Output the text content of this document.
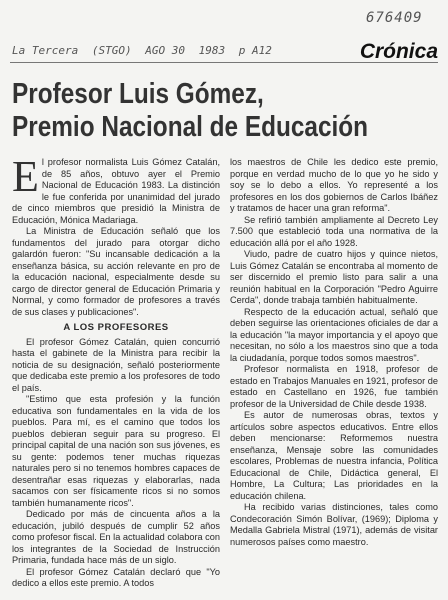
676409
La Tercera (STGO) AGO 30 1983 p A12	Crónica
Profesor Luis Gómez,
Premio Nacional de Educación

El profesor normalista Luis Gómez Catalán, de 85 años, obtuvo ayer el Premio Nacional de Educación 1983. La distinción le fue conferida por unanimidad del jurado de cinco miembros que presidió la Ministra de Educación, Mónica Madariaga.

La Ministra de Educación señaló que los fundamentos del jurado para otorgar dicho galardón fueron: "Su incansable dedicación a la enseñanza básica, su acción relevante en pro de la educación nacional, especialmente desde su cargo de director general de Educación Primaria y Normal, y como formador de profesores a través de sus clases y publicaciones".

A LOS PROFESORES

El profesor Gómez Catalán, quien concurrió hasta el gabinete de la Ministra para recibir la noticia de su designación, señaló posteriormente que dedicaba este premio a los profesores de todo el país.

"Estimo que esta profesión y la función educativa son fundamentales en la vida de los pueblos. Para mí, es el camino que todos los pueblos debieran seguir para su progreso. El principal capital de una nación son sus jóvenes, es su gente: podemos tener muchas riquezas naturales pero si no tenemos hombres capaces de desentrañar esas riquezas y elaborarlas, nada sacamos con ser físicamente ricos si no somos también humanamente ricos".

Dedicado por más de cincuenta años a la educación, jubiló después de cumplir 52 años como profesor fiscal. En la actualidad colabora con los integrantes de la Sociedad de Instrucción Primaria, fundada hace más de un siglo.

El profesor Gómez Catalán declaró que "Yo dedico a ellos este premio. A todos

los maestros de Chile les dedico este premio, porque en verdad mucho de lo que yo he sido y soy se lo debo a ellos. Yo representé a los profesores en los dos gobiernos de Carlos Ibáñez y tratamos de hacer una gran reforma".

Se refirió también ampliamente al Decreto Ley 7.500 que estableció toda una normativa de la educación allá por el año 1928.

Viudo, padre de cuatro hijos y quince nietos, Luis Gómez Catalán se encontraba al momento de ser discernido el premio listo para salir a una reunión habitual en la Corporación "Pedro Aguirre Cerda", donde trabaja también habitualmente.

Respecto de la educación actual, señaló que deben seguirse las orientaciones oficiales de dar a la educación "la mayor importancia y el apoyo que necesitan, no sólo a los maestros sino que a toda la ciudadanía, porque todos somos maestros".

Profesor normalista en 1918, profesor de estado en Trabajos Manuales en 1921, profesor de estado en Castellano en 1926, fue también profesor de la Universidad de Chile desde 1938.

Es autor de numerosas obras, textos y artículos sobre aspectos educativos. Entre ellos deben mencionarse: Reformemos nuestra enseñanza, Mensaje sobre las comunidades escolares, Problemas de nuestra infancia, Política Educacional de Chile, Didáctica general, El Hombre, La Cultura; Las prioridades en la educación chilena.

Ha recibido varias distinciones, tales como Condecoración Simón Bolívar, (1969); Diploma y Medalla Gabriela Mistral (1971), además de visitar numerosos países como maestro.
